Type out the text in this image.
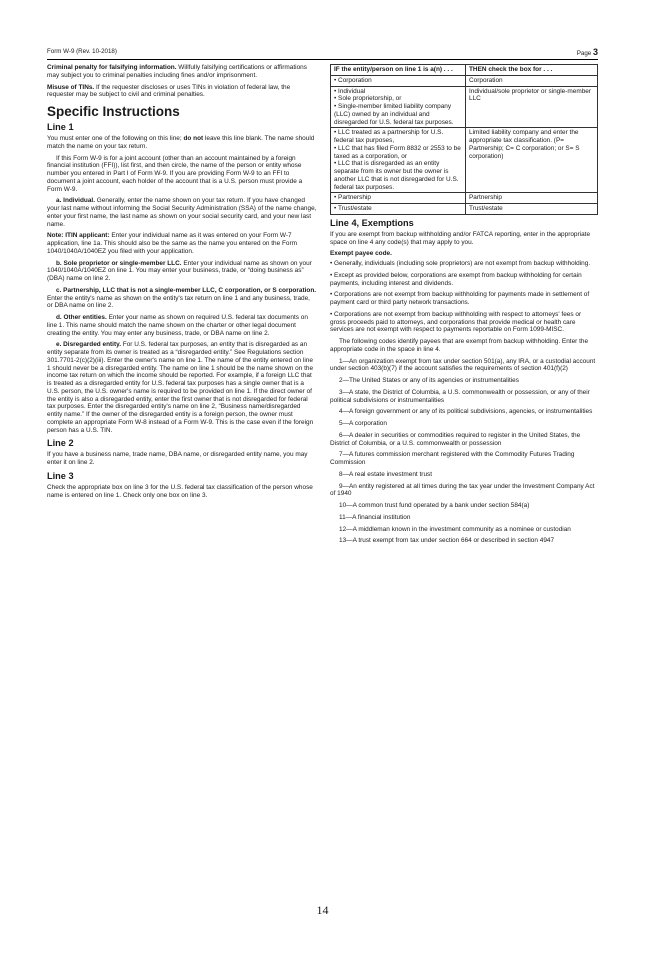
Form W-9 (Rev. 10-2018)	Page 3

Criminal penalty for falsifying information. Willfully falsifying certifications or affirmations may subject you to criminal penalties including fines and/or imprisonment.

Misuse of TINs. If the requester discloses or uses TINs in violation of federal law, the requester may be subject to civil and criminal penalties.

Specific Instructions
Line 1

You must enter one of the following on this line; do not leave this line blank. The name should match the name on your tax return.

If this Form W-9 is for a joint account (other than an account maintained by a foreign financial institution (FFI)), list first, and then circle, the name of the person or entity whose number you entered in Part I of Form W-9. If you are providing Form W-9 to an FFI to document a joint account, each holder of the account that is a U.S. person must provide a Form W-9.

a. Individual. Generally, enter the name shown on your tax return. If you have changed your last name without informing the Social Security Administration (SSA) of the name change, enter your first name, the last name as shown on your social security card, and your new last name.

Note: ITIN applicant: Enter your individual name as it was entered on your Form W-7 application, line 1a. This should also be the same as the name you entered on the Form 1040/1040A/1040EZ you filed with your application.

b. Sole proprietor or single-member LLC. Enter your individual name as shown on your 1040/1040A/1040EZ on line 1. You may enter your business, trade, or “doing business as” (DBA) name on line 2.

c. Partnership, LLC that is not a single-member LLC, C corporation, or S corporation. Enter the entity's name as shown on the entity's tax return on line 1 and any business, trade, or DBA name on line 2.

d. Other entities. Enter your name as shown on required U.S. federal tax documents on line 1. This name should match the name shown on the charter or other legal document creating the entity. You may enter any business, trade, or DBA name on line 2.

e. Disregarded entity. For U.S. federal tax purposes, an entity that is disregarded as an entity separate from its owner is treated as a “disregarded entity.” See Regulations section 301.7701-2(c)(2)(iii). Enter the owner's name on line 1. The name of the entity entered on line 1 should never be a disregarded entity. The name on line 1 should be the name shown on the income tax return on which the income should be reported. For example, if a foreign LLC that is treated as a disregarded entity for U.S. federal tax purposes has a single owner that is a U.S. person, the U.S. owner's name is required to be provided on line 1. If the direct owner of the entity is also a disregarded entity, enter the first owner that is not disregarded for federal tax purposes. Enter the disregarded entity's name on line 2, “Business name/disregarded entity name.” If the owner of the disregarded entity is a foreign person, the owner must complete an appropriate Form W-8 instead of a Form W-9. This is the case even if the foreign person has a U.S. TIN.

Line 2

If you have a business name, trade name, DBA name, or disregarded entity name, you may enter it on line 2.

Line 3

Check the appropriate box on line 3 for the U.S. federal tax classification of the person whose name is entered on line 1. Check only one box on line 3.

IF the entity/person on line 1 is a(n) . . .	THEN check the box for . . .

• Corporation	Corporation

• Individual
• Sole proprietorship, or
• Single-member limited liability company (LLC) owned by an individual and disregarded for U.S. federal tax purposes.	Individual/sole proprietor or single-member LLC

• LLC treated as a partnership for U.S. federal tax purposes,
• LLC that has filed Form 8832 or 2553 to be taxed as a corporation, or
• LLC that is disregarded as an entity separate from its owner but the owner is another LLC that is not disregarded for U.S. federal tax purposes.	Limited liability company and enter the appropriate tax classification. (P= Partnership; C= C corporation; or S= S corporation)

• Partnership	Partnership

• Trust/estate	Trust/estate
Line 4, Exemptions

If you are exempt from backup withholding and/or FATCA reporting, enter in the appropriate space on line 4 any code(s) that may apply to you.

Exempt payee code.

• Generally, individuals (including sole proprietors) are not exempt from backup withholding.

• Except as provided below, corporations are exempt from backup withholding for certain payments, including interest and dividends.

• Corporations are not exempt from backup withholding for payments made in settlement of payment card or third party network transactions.

• Corporations are not exempt from backup withholding with respect to attorneys' fees or gross proceeds paid to attorneys, and corporations that provide medical or health care services are not exempt with respect to payments reportable on Form 1099-MISC.

The following codes identify payees that are exempt from backup withholding. Enter the appropriate code in the space in line 4.

1—An organization exempt from tax under section 501(a), any IRA, or a custodial account under section 403(b)(7) if the account satisfies the requirements of section 401(f)(2)

2—The United States or any of its agencies or instrumentalities

3—A state, the District of Columbia, a U.S. commonwealth or possession, or any of their political subdivisions or instrumentalities

4—A foreign government or any of its political subdivisions, agencies, or instrumentalities

5—A corporation

6—A dealer in securities or commodities required to register in the United States, the District of Columbia, or a U.S. commonwealth or possession

7—A futures commission merchant registered with the Commodity Futures Trading Commission

8—A real estate investment trust

9—An entity registered at all times during the tax year under the Investment Company Act of 1940

10—A common trust fund operated by a bank under section 584(a)

11—A financial institution

12—A middleman known in the investment community as a nominee or custodian

13—A trust exempt from tax under section 664 or described in section 4947

14
